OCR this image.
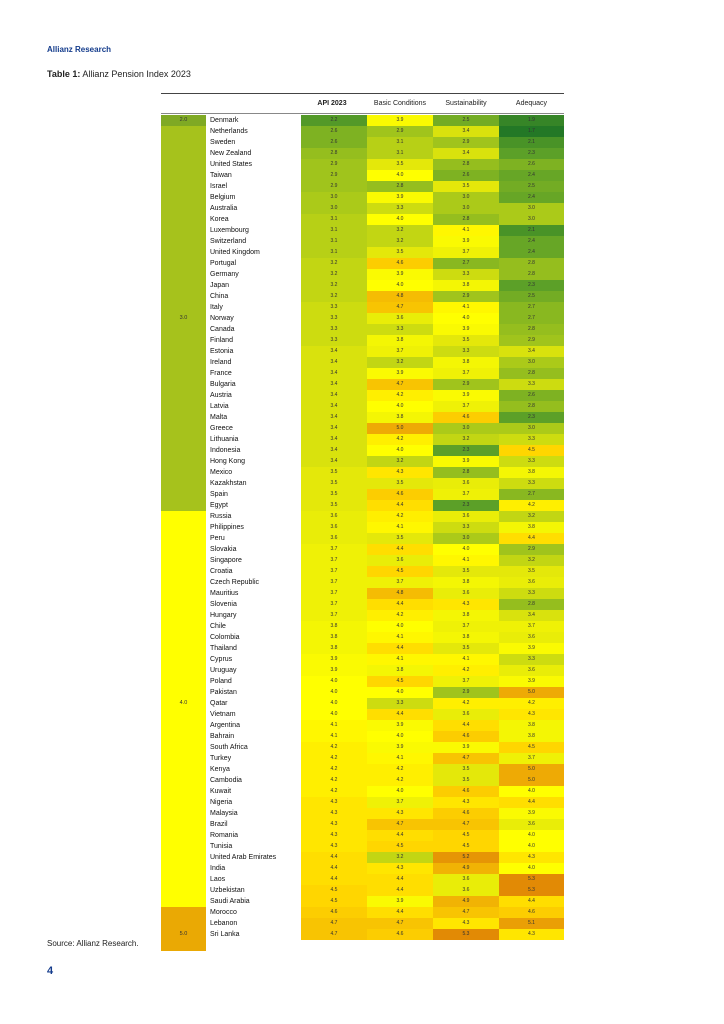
Allianz Research
Table 1: Allianz Pension Index 2023
API 2023	Basic Conditions	Sustainability	Adequacy
2.0
3.0
4.0
5.0
Denmark	2.2	3.9	2.5	1.9
Netherlands	2.6	2.9	3.4	1.7
Sweden	2.6	3.1	2.9	2.1
New Zealand	2.8	3.1	3.4	2.3
United States	2.9	3.5	2.8	2.6
Taiwan	2.9	4.0	2.6	2.4
Israel	2.9	2.8	3.5	2.5
Belgium	3.0	3.9	3.0	2.4
Australia	3.0	3.3	3.0	3.0
Korea	3.1	4.0	2.8	3.0
Luxembourg	3.1	3.2	4.1	2.1
Switzerland	3.1	3.2	3.9	2.4
United Kingdom	3.1	3.5	3.7	2.4
Portugal	3.2	4.6	2.7	2.8
Germany	3.2	3.9	3.3	2.8
Japan	3.2	4.0	3.8	2.3
China	3.2	4.8	2.9	2.5
Italy	3.3	4.7	4.1	2.7
Norway	3.3	3.6	4.0	2.7
Canada	3.3	3.3	3.9	2.8
Finland	3.3	3.8	3.5	2.9
Estonia	3.4	3.7	3.3	3.4
Ireland	3.4	3.2	3.8	3.0
France	3.4	3.9	3.7	2.8
Bulgaria	3.4	4.7	2.9	3.3
Austria	3.4	4.2	3.9	2.6
Latvia	3.4	4.0	3.7	2.8
Malta	3.4	3.8	4.6	2.3
Greece	3.4	5.0	3.0	3.0
Lithuania	3.4	4.2	3.2	3.3
Indonesia	3.4	4.0	2.3	4.5
Hong Kong	3.4	3.2	3.9	3.3
Mexico	3.5	4.3	2.8	3.8
Kazakhstan	3.5	3.5	3.6	3.3
Spain	3.5	4.6	3.7	2.7
Egypt	3.5	4.4	2.3	4.2
Russia	3.6	4.2	3.6	3.2
Philippines	3.6	4.1	3.3	3.8
Peru	3.6	3.5	3.0	4.4
Slovakia	3.7	4.4	4.0	2.9
Singapore	3.7	3.6	4.1	3.2
Croatia	3.7	4.5	3.5	3.5
Czech Republic	3.7	3.7	3.8	3.6
Mauritius	3.7	4.8	3.6	3.3
Slovenia	3.7	4.4	4.3	2.8
Hungary	3.7	4.2	3.8	3.4
Chile	3.8	4.0	3.7	3.7
Colombia	3.8	4.1	3.8	3.6
Thailand	3.8	4.4	3.5	3.9
Cyprus	3.9	4.1	4.1	3.3
Uruguay	3.9	3.8	4.2	3.6
Poland	4.0	4.5	3.7	3.9
Pakistan	4.0	4.0	2.9	5.0
Qatar	4.0	3.3	4.2	4.2
Vietnam	4.0	4.4	3.6	4.3
Argentina	4.1	3.9	4.4	3.8
Bahrain	4.1	4.0	4.6	3.8
South Africa	4.2	3.9	3.9	4.5
Turkey	4.2	4.1	4.7	3.7
Kenya	4.2	4.2	3.5	5.0
Cambodia	4.2	4.2	3.5	5.0
Kuwait	4.2	4.0	4.6	4.0
Nigeria	4.3	3.7	4.3	4.4
Malaysia	4.3	4.3	4.6	3.9
Brazil	4.3	4.7	4.7	3.6
Romania	4.3	4.4	4.5	4.0
Tunisia	4.3	4.5	4.5	4.0
United Arab Emirates	4.4	3.2	5.2	4.3
India	4.4	4.3	4.9	4.0
Laos	4.4	4.4	3.6	5.3
Uzbekistan	4.5	4.4	3.6	5.3
Saudi Arabia	4.5	3.9	4.9	4.4
Morocco	4.6	4.4	4.7	4.6
Lebanon	4.7	4.7	4.3	5.1
Sri Lanka	4.7	4.6	5.3	4.3
Source: Allianz Research.
4
